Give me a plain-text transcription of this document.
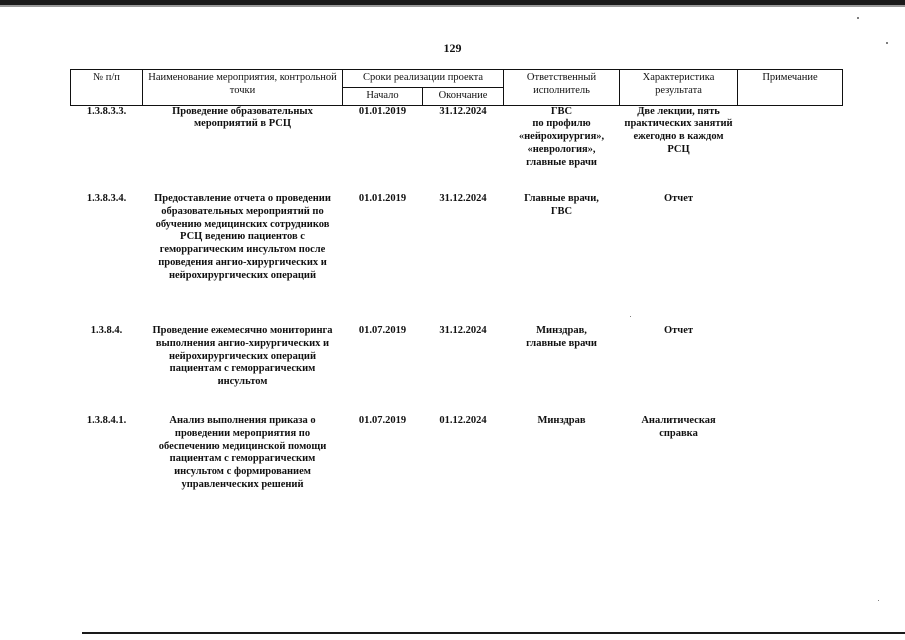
129
№ п/п	Наименование мероприятия, контрольной точки	Сроки реализации проекта		Ответственный исполнитель	Характеристика результата	Примечание
		Начало	Окончание			
1.3.8.3.3.	Проведение образовательных мероприятий в РСЦ	01.01.2019	31.12.2024	ГВС
по профилю
«нейрохирургия»,
«неврология»,
главные врачи	Две лекции, пять практических занятий ежегодно в каждом РСЦ	
1.3.8.3.4.	Предоставление отчета о проведении образовательных мероприятий по обучению медицинских сотрудников РСЦ ведению пациентов с геморрагическим инсультом после проведения ангио-хирургических и нейрохирургических операций	01.01.2019	31.12.2024	Главные врачи,
ГВС	Отчет	
1.3.8.4.	Проведение ежемесячно мониторинга выполнения ангио-хирургических и нейрохирургических операций пациентам с геморрагическим инсультом	01.07.2019	31.12.2024	Минздрав,
главные врачи	Отчет	
1.3.8.4.1.	Анализ выполнения приказа о проведении мероприятия по обеспечению медицинской помощи пациентам с геморрагическим инсультом с формированием управленческих решений	01.07.2019	01.12.2024	Минздрав	Аналитическая справка	
